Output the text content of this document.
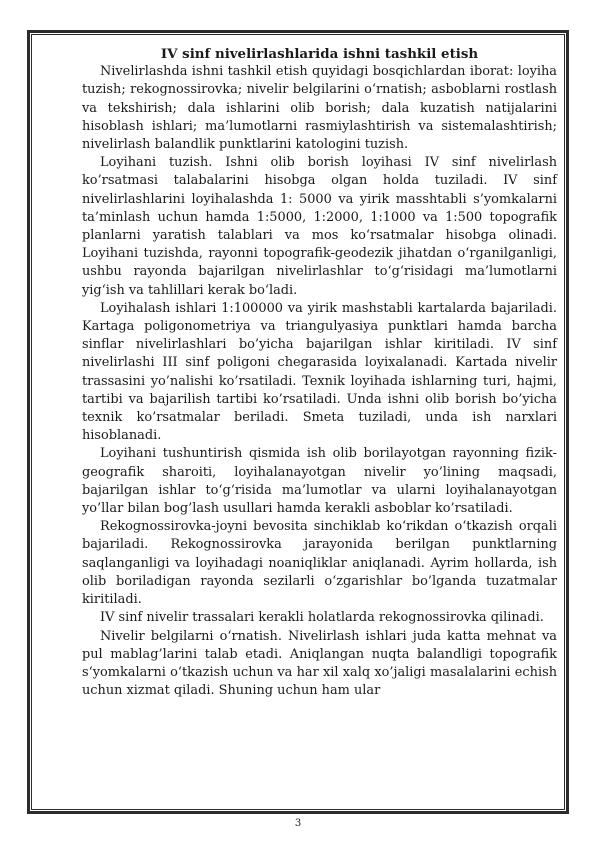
IV sinf nivelirlashlarida ishni tashkil etish

Nivelirlashda ishni tashkil etish quyidagi bosqichlardan iborat: loyiha tuzish; rekognossirovka; nivelir belgilarini o‘rnatish; asboblarni rostlash va tekshirish; dala ishlarini olib borish; dala kuzatish natijalarini hisoblash ishlari; ma’lumotlarni rasmiylashtirish va sistemalashtirish; nivelirlash balandlik punktlarini katologini tuzish.

Loyihani tuzish. Ishni olib borish loyihasi IV sinf nivelirlash ko’rsatmasi talabalarini hisobga olgan holda tuziladi. IV sinf nivelirlashlarini loyihalashda 1: 5000 va yirik masshtabli s’yomkalarni ta’minlash uchun hamda 1:5000, 1:2000, 1:1000 va 1:500 topografik planlarni yaratish talablari va mos ko‘rsatmalar hisobga olinadi. Loyihani tuzishda, rayonni topografik-geodezik jihatdan o‘rganilganligi, ushbu rayonda bajarilgan nivelirlashlar to‘g‘risidagi ma’lumotlarni yig‘ish va tahlillari kerak bo‘ladi.

Loyihalash ishlari 1:100000 va yirik mashstabli kartalarda bajariladi. Kartaga poligonometriya va triangulyasiya punktlari hamda barcha sinflar nivelirlashlari bo’yicha bajarilgan ishlar kiritiladi. IV sinf nivelirlashi III sinf poligoni chegarasida loyixalanadi. Kartada nivelir trassasini yo’nalishi ko’rsatiladi. Texnik loyihada ishlarning turi, hajmi, tartibi va bajarilish tartibi ko’rsatiladi. Unda ishni olib borish bo’yicha texnik ko’rsatmalar beriladi. Smeta tuziladi, unda ish narxlari hisoblanadi.

Loyihani tushuntirish qismida ish olib borilayotgan rayonning fizik-geografik sharoiti, loyihalanayotgan nivelir yo’lining maqsadi, bajarilgan ishlar to‘g‘risida ma’lumotlar va ularni loyihalanayotgan yo’llar bilan bog’lash usullari hamda kerakli asboblar ko’rsatiladi.

Rekognossirovka-joyni bevosita sinchiklab ko‘rikdan o‘tkazish orqali bajariladi. Rekognossirovka jarayonida berilgan punktlarning saqlanganligi va loyihadagi noaniqliklar aniqlanadi. Ayrim hollarda, ish olib boriladigan rayonda sezilarli o‘zgarishlar bo’lganda tuzatmalar kiritiladi.

IV sinf nivelir trassalari kerakli holatlarda rekognossirovka qilinadi.

Nivelir belgilarni o‘rnatish. Nivelirlash ishlari juda katta mehnat va pul mablag’larini talab etadi. Aniqlangan nuqta balandligi topografik s‘yomkalarni o‘tkazish uchun va har xil xalq xo’jaligi masalalarini echish uchun xizmat qiladi. Shuning uchun ham ular

3
